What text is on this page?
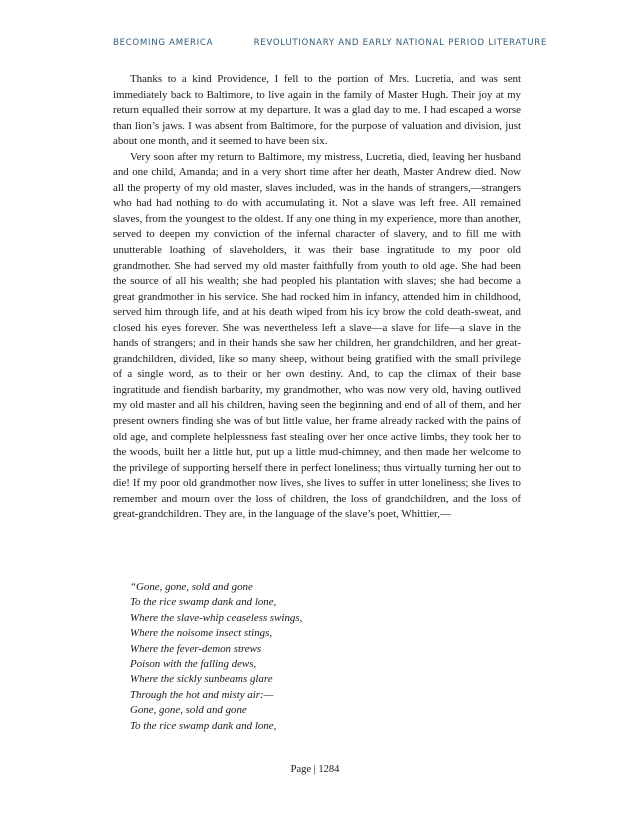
BECOMING AMERICA	REVOLUTIONARY AND EARLY NATIONAL PERIOD LITERATURE

Thanks to a kind Providence, I fell to the portion of Mrs. Lucretia, and was sent immediately back to Baltimore, to live again in the family of Master Hugh. Their joy at my return equalled their sorrow at my departure. It was a glad day to me. I had escaped a worse than lion’s jaws. I was absent from Baltimore, for the purpose of valuation and division, just about one month, and it seemed to have been six.

Very soon after my return to Baltimore, my mistress, Lucretia, died, leaving her husband and one child, Amanda; and in a very short time after her death, Master Andrew died. Now all the property of my old master, slaves included, was in the hands of strangers,—strangers who had had nothing to do with accumulating it. Not a slave was left free. All remained slaves, from the youngest to the oldest. If any one thing in my experience, more than another, served to deepen my conviction of the infernal character of slavery, and to fill me with unutterable loathing of slaveholders, it was their base ingratitude to my poor old grandmother. She had served my old master faithfully from youth to old age. She had been the source of all his wealth; she had peopled his plantation with slaves; she had become a great grandmother in his service. She had rocked him in infancy, attended him in childhood, served him through life, and at his death wiped from his icy brow the cold death-sweat, and closed his eyes forever. She was nevertheless left a slave—a slave for life—a slave in the hands of strangers; and in their hands she saw her children, her grandchildren, and her great-grandchildren, divided, like so many sheep, without being gratified with the small privilege of a single word, as to their or her own destiny. And, to cap the climax of their base ingratitude and fiendish barbarity, my grandmother, who was now very old, having outlived my old master and all his children, having seen the beginning and end of all of them, and her present owners finding she was of but little value, her frame already racked with the pains of old age, and complete helplessness fast stealing over her once active limbs, they took her to the woods, built her a little hut, put up a little mud-chimney, and then made her welcome to the privilege of supporting herself there in perfect loneliness; thus virtually turning her out to die! If my poor old grandmother now lives, she lives to suffer in utter loneliness; she lives to remember and mourn over the loss of children, the loss of grandchildren, and the loss of great-grandchildren. They are, in the language of the slave’s poet, Whittier,—

“Gone, gone, sold and gone
To the rice swamp dank and lone,
Where the slave-whip ceaseless swings,
Where the noisome insect stings,
Where the fever-demon strews
Poison with the falling dews,
Where the sickly sunbeams glare
Through the hot and misty air:—
Gone, gone, sold and gone
To the rice swamp dank and lone,
Page | 1284
